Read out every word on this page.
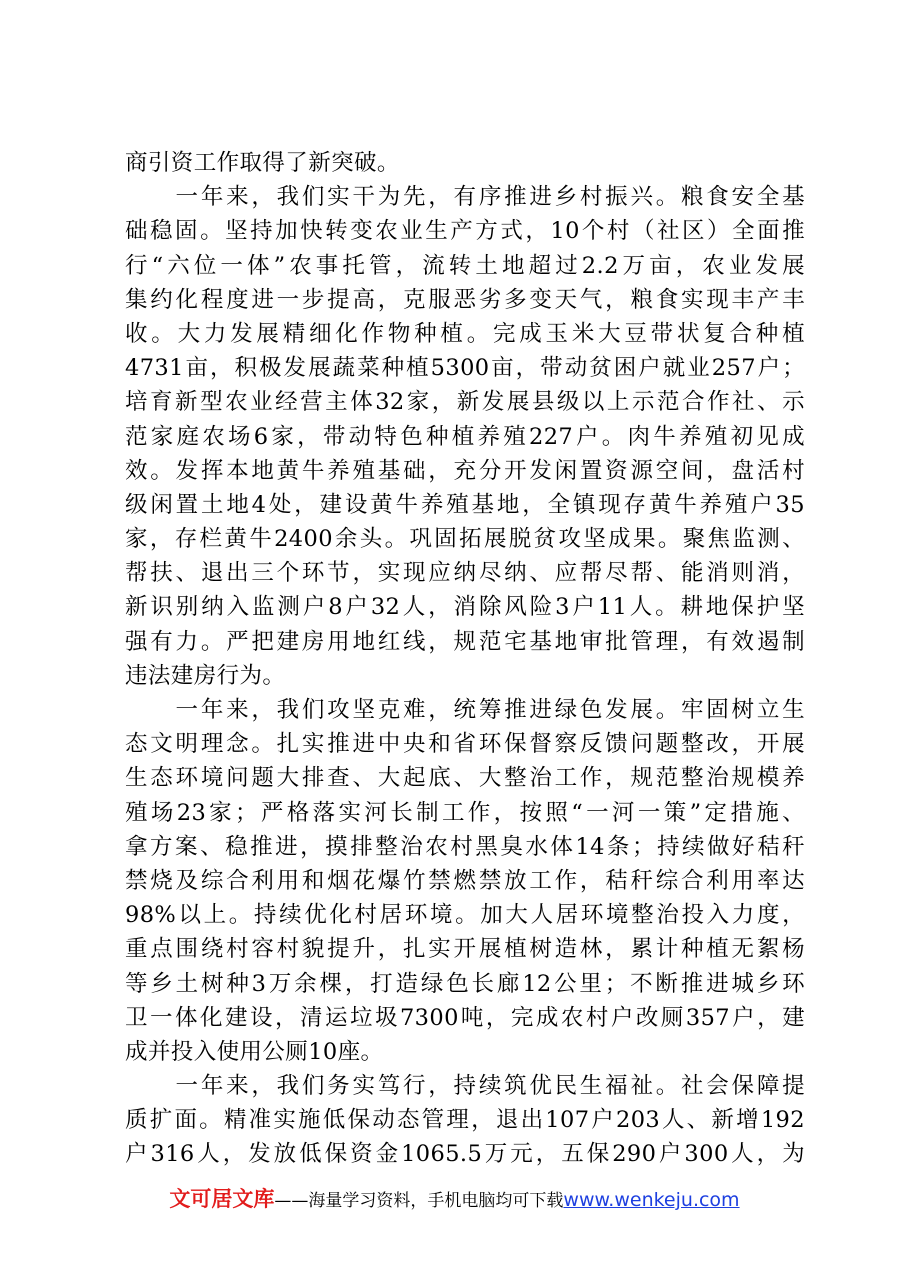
商引资工作取得了新突破。
　　一年来，我们实干为先，有序推进乡村振兴。粮食安全基
础稳固。坚持加快转变农业生产方式，10个村（社区）全面推
行“六位一体”农事托管，流转土地超过2.2万亩，农业发展
集约化程度进一步提高，克服恶劣多变天气，粮食实现丰产丰
收。大力发展精细化作物种植。完成玉米大豆带状复合种植
4731亩，积极发展蔬菜种植5300亩，带动贫困户就业257户；
培育新型农业经营主体32家，新发展县级以上示范合作社、示
范家庭农场6家，带动特色种植养殖227户。肉牛养殖初见成
效。发挥本地黄牛养殖基础，充分开发闲置资源空间，盘活村
级闲置土地4处，建设黄牛养殖基地，全镇现存黄牛养殖户35
家，存栏黄牛2400余头。巩固拓展脱贫攻坚成果。聚焦监测、
帮扶、退出三个环节，实现应纳尽纳、应帮尽帮、能消则消，
新识别纳入监测户8户32人，消除风险3户11人。耕地保护坚
强有力。严把建房用地红线，规范宅基地审批管理，有效遏制
违法建房行为。
　　一年来，我们攻坚克难，统筹推进绿色发展。牢固树立生
态文明理念。扎实推进中央和省环保督察反馈问题整改，开展
生态环境问题大排查、大起底、大整治工作，规范整治规模养
殖场23家；严格落实河长制工作，按照“一河一策”定措施、
拿方案、稳推进，摸排整治农村黑臭水体14条；持续做好秸秆
禁烧及综合利用和烟花爆竹禁燃禁放工作，秸秆综合利用率达
98%以上。持续优化村居环境。加大人居环境整治投入力度，
重点围绕村容村貌提升，扎实开展植树造林，累计种植无絮杨
等乡土树种3万余棵，打造绿色长廊12公里；不断推进城乡环
卫一体化建设，清运垃圾7300吨，完成农村户改厕357户，建
成并投入使用公厕10座。
　　一年来，我们务实笃行，持续筑优民生福祉。社会保障提
质扩面。精准实施低保动态管理，退出107户203人、新增192
户316人，发放低保资金1065.5万元，五保290户300人，为
文可居文库——海量学习资料，手机电脑均可下载www.wenkeju.com
